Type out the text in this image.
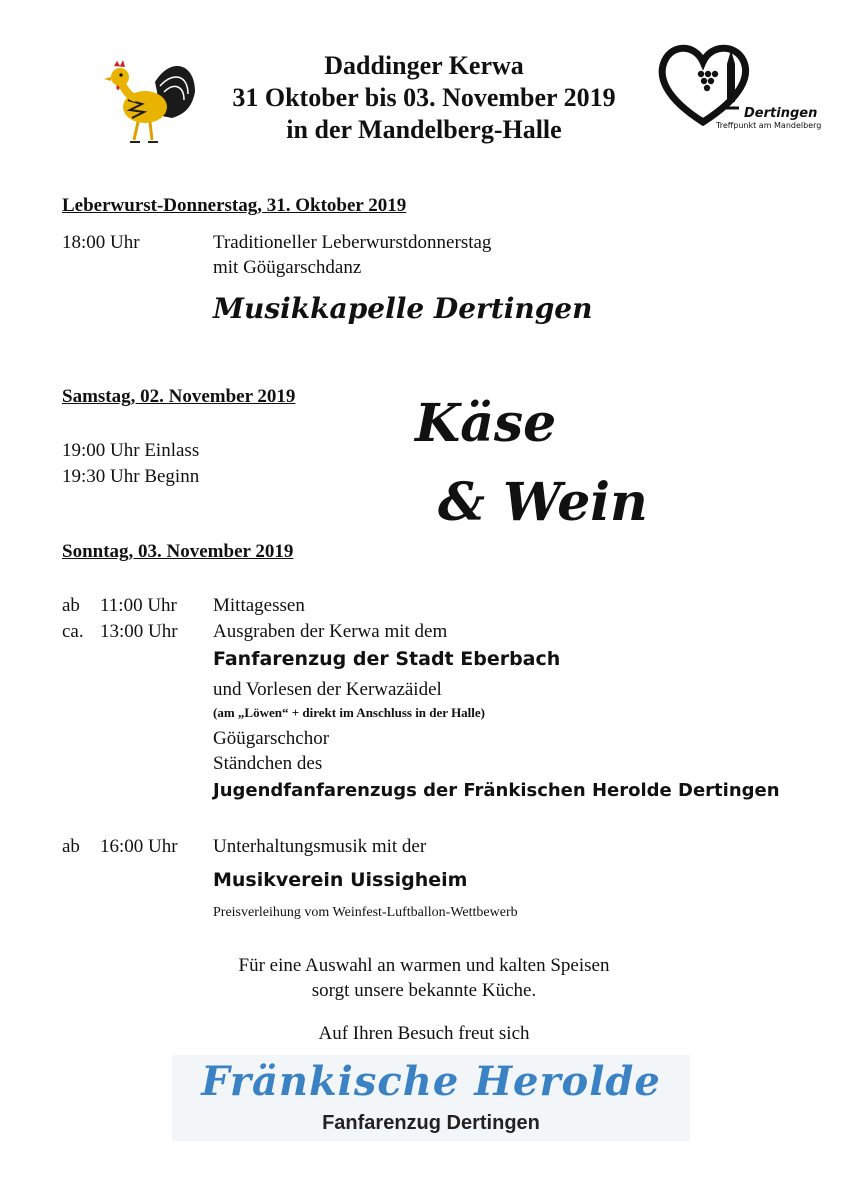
Daddinger Kerwa
31 Oktober bis 03. November 2019
in der Mandelberg-Halle
Dertingen
Treffpunkt am Mandelberg
Leberwurst-Donnerstag, 31. Oktober 2019
18:00 Uhr	Traditioneller Leberwurstdonnerstag
mit Göügarschdanz
Musikkapelle Dertingen
Samstag, 02. November 2019
19:00 Uhr Einlass
19:30 Uhr Beginn
Käse
& Wein
Sonntag, 03. November 2019
ab 11:00 Uhr Mittagessen
ca. 13:00 Uhr Ausgraben der Kerwa mit dem
Fanfarenzug der Stadt Eberbach
und Vorlesen der Kerwazäidel
(am „Löwen“ + direkt im Anschluss in der Halle)
Göügarschchor
Ständchen des
Jugendfanfarenzugs der Fränkischen Herolde Dertingen
ab 16:00 Uhr Unterhaltungsmusik mit der
Musikverein Uissigheim
Preisverleihung vom Weinfest-Luftballon-Wettbewerb
Für eine Auswahl an warmen und kalten Speisen
sorgt unsere bekannte Küche.
Auf Ihren Besuch freut sich
Fränkische Herolde
Fanfarenzug Dertingen
